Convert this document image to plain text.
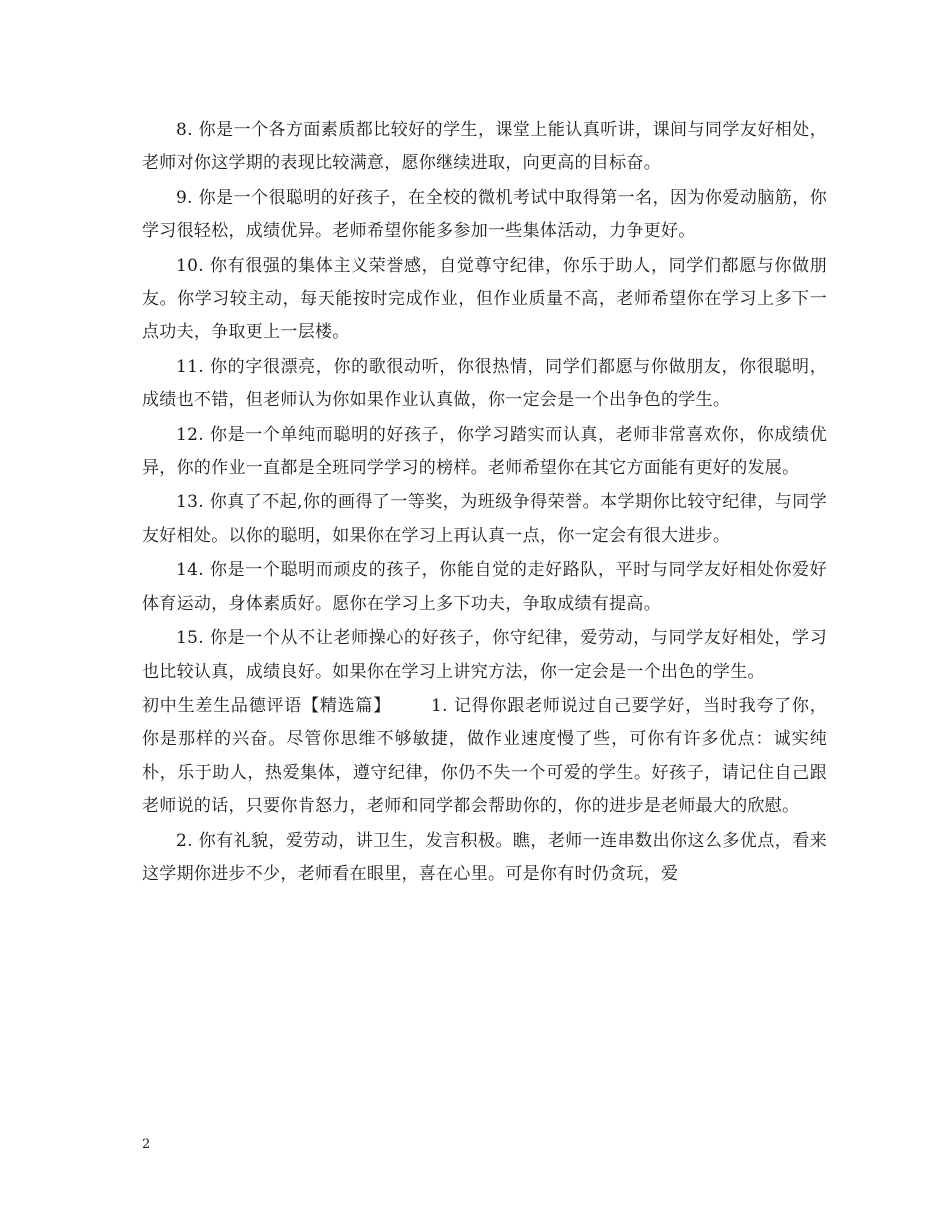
8. 你是一个各方面素质都比较好的学生，课堂上能认真听讲，课间与同学友好相处，老师对你这学期的表现比较满意，愿你继续进取，向更高的目标奋。

9. 你是一个很聪明的好孩子，在全校的微机考试中取得第一名，因为你爱动脑筋，你学习很轻松，成绩优异。老师希望你能多参加一些集体活动，力争更好。

10. 你有很强的集体主义荣誉感，自觉尊守纪律，你乐于助人，同学们都愿与你做朋友。你学习较主动，每天能按时完成作业，但作业质量不高，老师希望你在学习上多下一点功夫，争取更上一层楼。

11. 你的字很漂亮，你的歌很动听，你很热情，同学们都愿与你做朋友，你很聪明，成绩也不错，但老师认为你如果作业认真做，你一定会是一个出争色的学生。

12. 你是一个单纯而聪明的好孩子，你学习踏实而认真，老师非常喜欢你，你成绩优异，你的作业一直都是全班同学学习的榜样。老师希望你在其它方面能有更好的发展。

13. 你真了不起,你的画得了一等奖，为班级争得荣誉。本学期你比较守纪律，与同学友好相处。以你的聪明，如果你在学习上再认真一点，你一定会有很大进步。

14. 你是一个聪明而顽皮的孩子，你能自觉的走好路队，平时与同学友好相处你爱好体育运动，身体素质好。愿你在学习上多下功夫，争取成绩有提高。

15. 你是一个从不让老师操心的好孩子，你守纪律，爱劳动，与同学友好相处，学习也比较认真，成绩良好。如果你在学习上讲究方法，你一定会是一个出色的学生。

初中生差生品德评语【精选篇】 1. 记得你跟老师说过自己要学好，当时我夸了你，你是那样的兴奋。尽管你思维不够敏捷，做作业速度慢了些，可你有许多优点：诚实纯朴，乐于助人，热爱集体，遵守纪律，你仍不失一个可爱的学生。好孩子，请记住自己跟老师说的话，只要你肯怒力，老师和同学都会帮助你的，你的进步是老师最大的欣慰。

2. 你有礼貌，爱劳动，讲卫生，发言积极。瞧，老师一连串数出你这么多优点，看来这学期你进步不少，老师看在眼里，喜在心里。可是你有时仍贪玩，爱

2
